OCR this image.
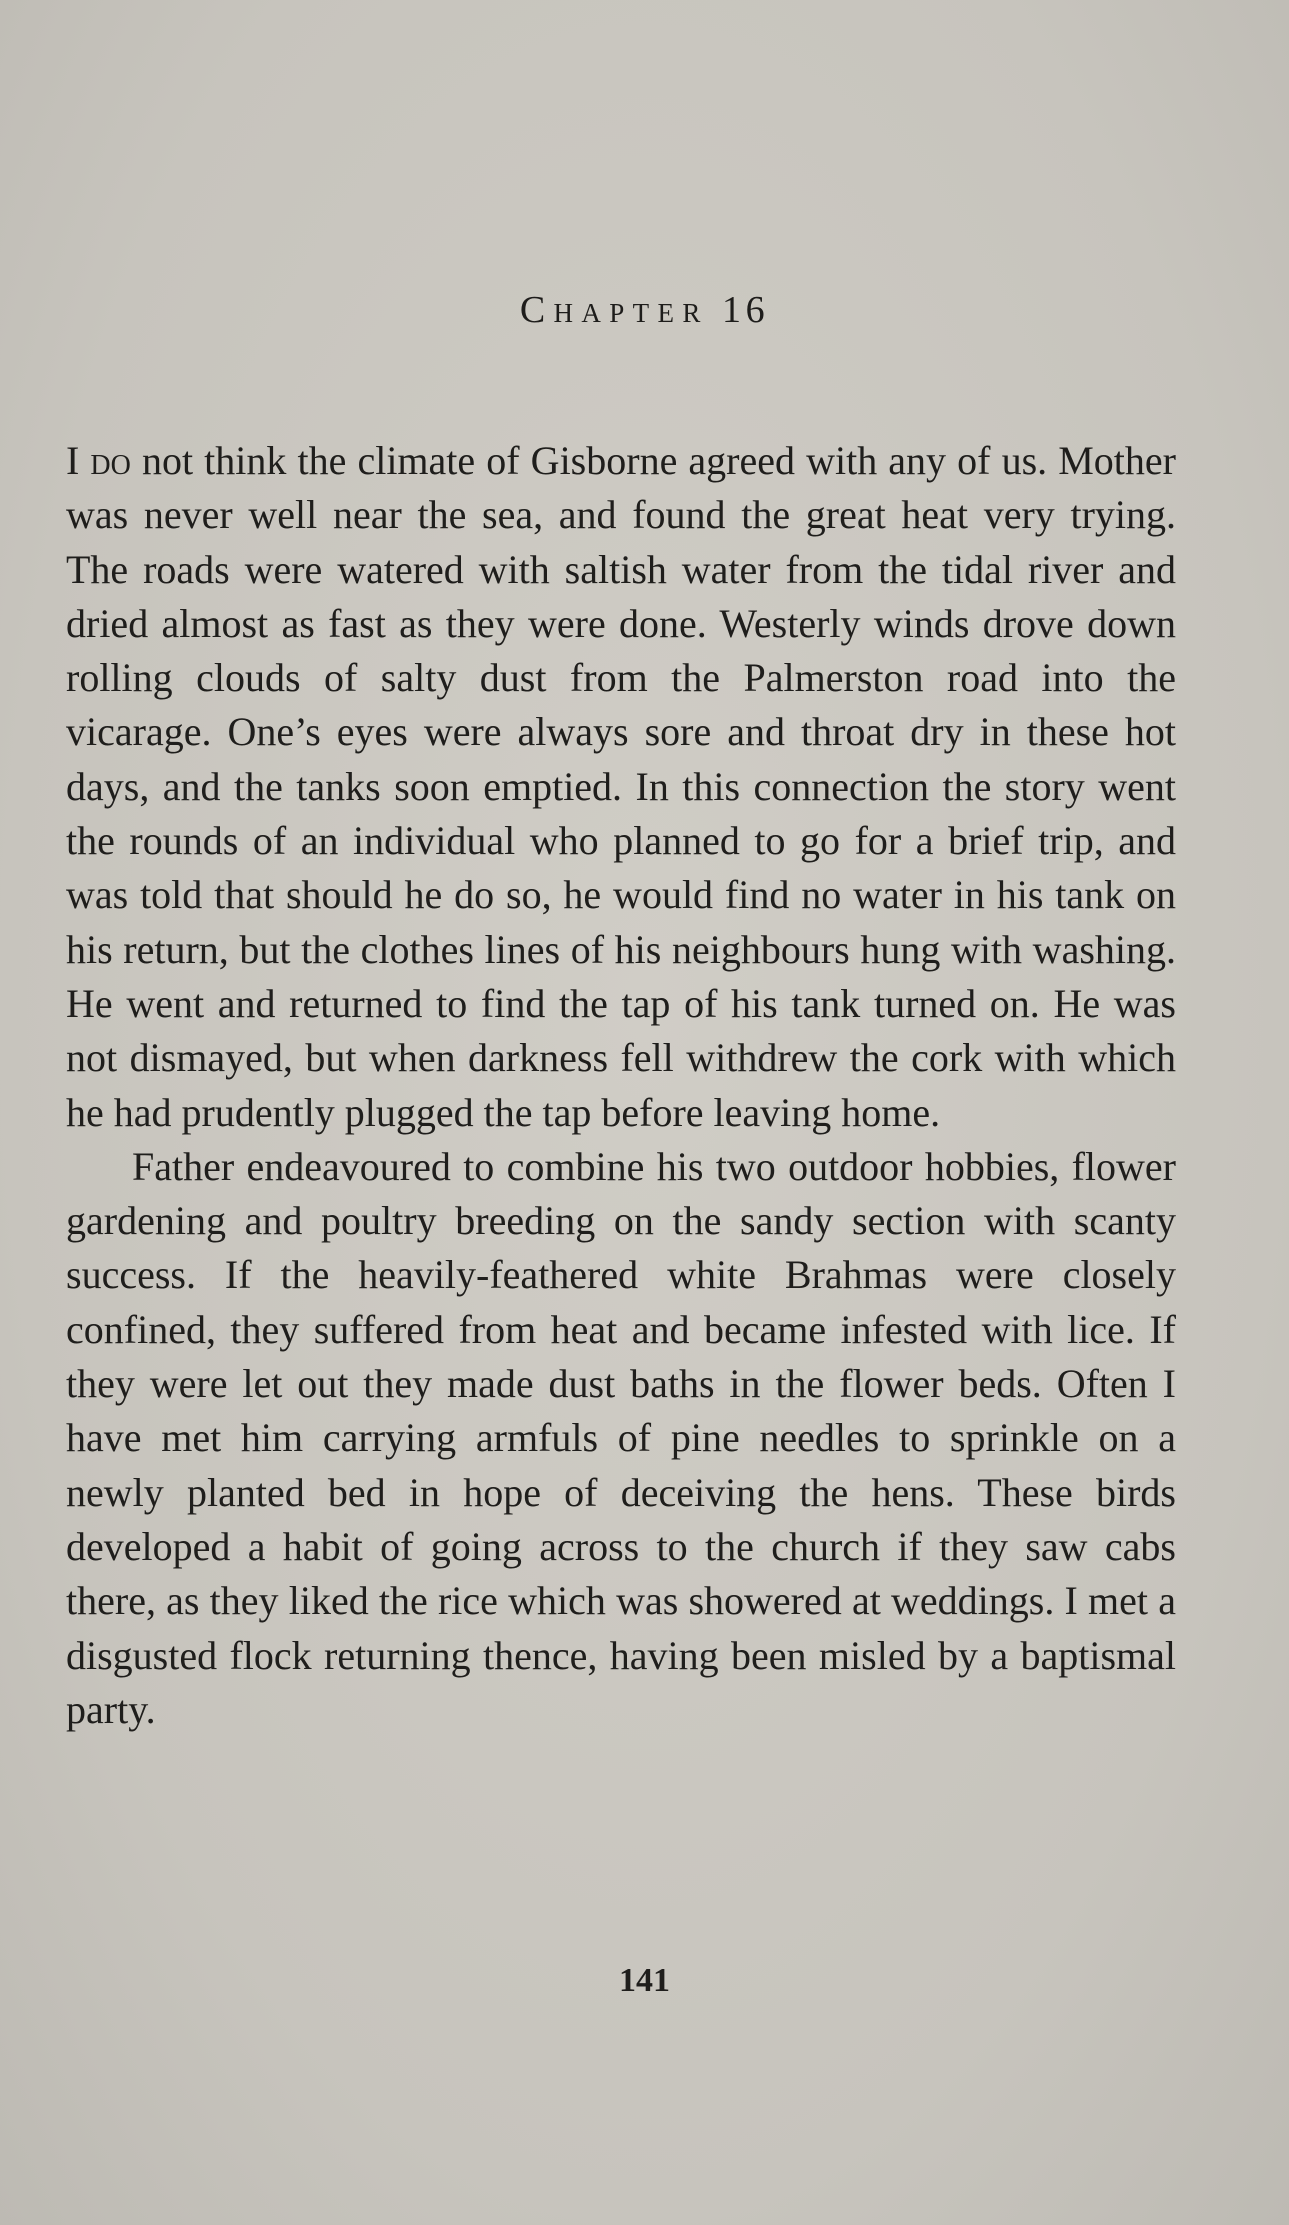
Chapter 16

I do not think the climate of Gisborne agreed with any of us. Mother was never well near the sea, and found the great heat very trying. The roads were watered with saltish water from the tidal river and dried almost as fast as they were done. Westerly winds drove down rolling clouds of salty dust from the Palmerston road into the vicarage. One’s eyes were always sore and throat dry in these hot days, and the tanks soon emptied. In this connection the story went the rounds of an individual who planned to go for a brief trip, and was told that should he do so, he would find no water in his tank on his return, but the clothes lines of his neighbours hung with washing. He went and returned to find the tap of his tank turned on. He was not dismayed, but when darkness fell withdrew the cork with which he had prudently plugged the tap before leaving home.

Father endeavoured to combine his two outdoor hobbies, flower gardening and poultry breeding on the sandy section with scanty success. If the heavily-feathered white Brahmas were closely confined, they suffered from heat and became infested with lice. If they were let out they made dust baths in the flower beds. Often I have met him carrying armfuls of pine needles to sprinkle on a newly planted bed in hope of deceiving the hens. These birds developed a habit of going across to the church if they saw cabs there, as they liked the rice which was showered at weddings. I met a disgusted flock returning thence, having been misled by a baptismal party.

141
